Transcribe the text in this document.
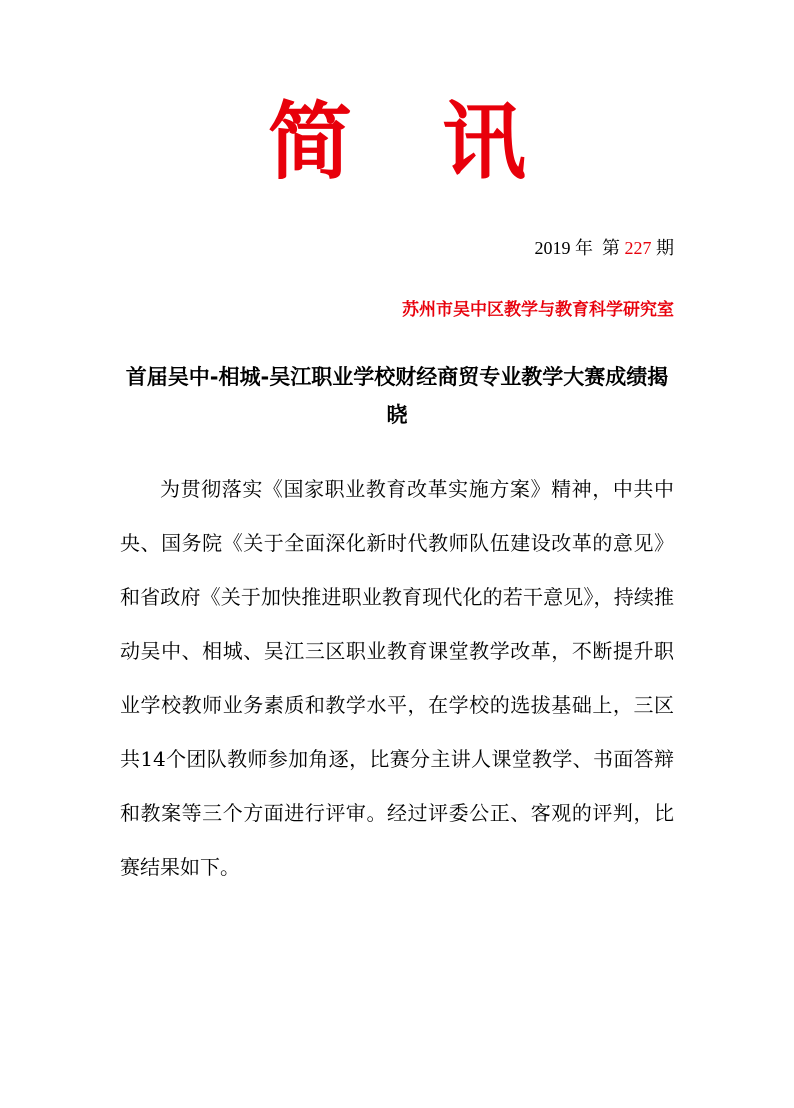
简 讯
2019 年 第 227 期
苏州市吴中区教学与教育科学研究室
首届吴中-相城-吴江职业学校财经商贸专业教学大赛成绩揭晓

为贯彻落实《国家职业教育改革实施方案》精神，中共中央、国务院《关于全面深化新时代教师队伍建设改革的意见》和省政府《关于加快推进职业教育现代化的若干意见》，持续推动吴中、相城、吴江三区职业教育课堂教学改革，不断提升职业学校教师业务素质和教学水平，在学校的选拔基础上，三区共14个团队教师参加角逐，比赛分主讲人课堂教学、书面答辩和教案等三个方面进行评审。经过评委公正、客观的评判，比赛结果如下。
